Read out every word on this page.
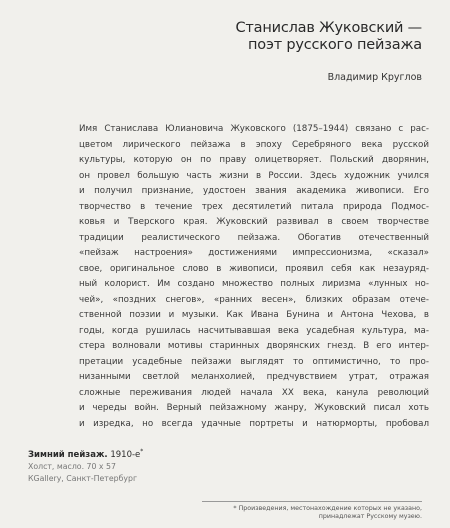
Станислав Жуковский —
поэт русского пейзажа
Владимир Круглов
Имя Станислава Юлиановича Жуковского (1875–1944) связано с рас-
цветом лирического пейзажа в эпоху Серебряного века русской
культуры, которую он по праву олицетворяет. Польский дворянин,
он провел большую часть жизни в России. Здесь художник учился
и получил признание, удостоен звания академика живописи. Его
творчество в течение трех десятилетий питала природа Подмос-
ковья и Тверского края. Жуковский развивал в своем творчестве
традиции реалистического пейзажа. Обогатив отечественный
«пейзаж настроения» достижениями импрессионизма, «сказал»
свое, оригинальное слово в живописи, проявил себя как незауряд-
ный колорист. Им создано множество полных лиризма «лунных но-
чей», «поздних снегов», «ранних весен», близких образам отече-
ственной поэзии и музыки. Как Ивана Бунина и Антона Чехова, в
годы, когда рушилась насчитывавшая века усадебная культура, ма-
стера волновали мотивы старинных дворянских гнезд. В его интер-
претации усадебные пейзажи выглядят то оптимистично, то про-
низанными светлой меланхолией, предчувствием утрат, отражая
сложные переживания людей начала XX века, канула революций
и череды войн. Верный пейзажному жанру, Жуковский писал хоть
и изредка, но всегда удачные портреты и натюрморты, пробовал
Зимний пейзаж. 1910-е*
Холст, масло. 70 x 57
КGallery, Санкт-Петербург
* Произведения, местонахождение которых не указано,
принадлежат Русскому музею.
